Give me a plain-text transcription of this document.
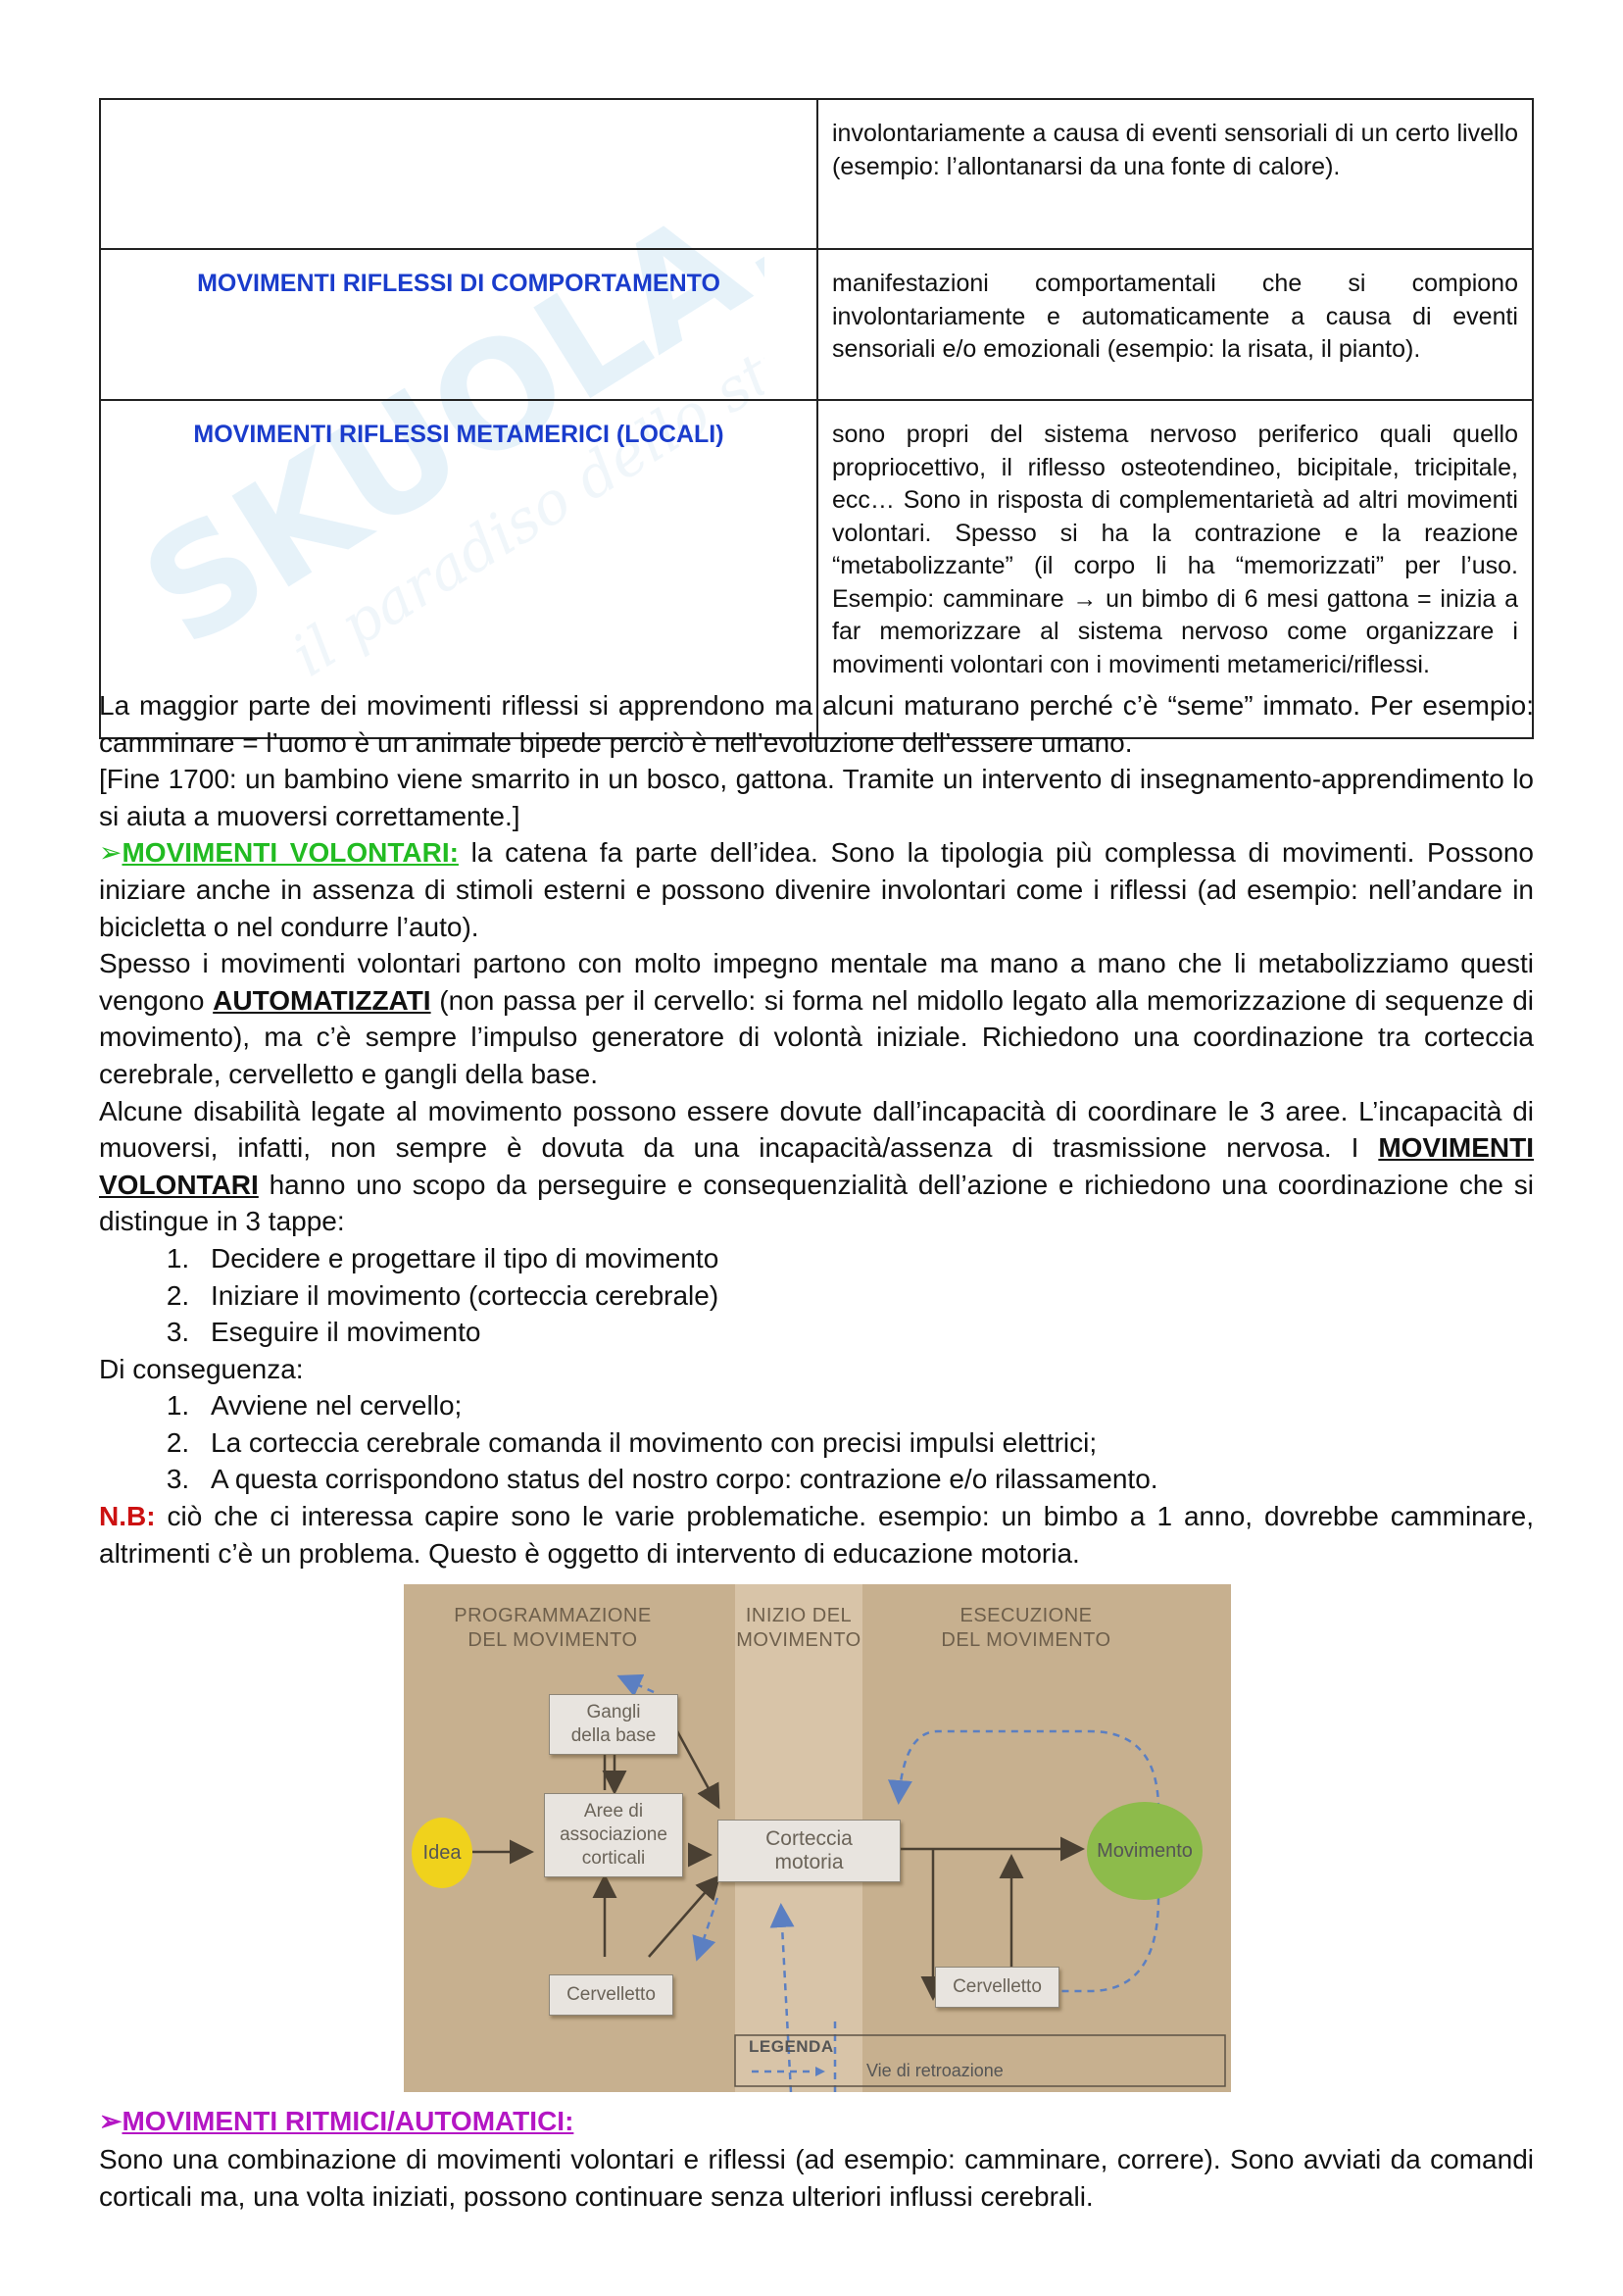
SKUOLA.net
il paradiso dello studente
	involontariamente a causa di eventi sensoriali di un certo livello (esempio: l’allontanarsi da una fonte di calore).
MOVIMENTI RIFLESSI DI COMPORTAMENTO	manifestazioni comportamentali che si compiono involontariamente e automaticamente a causa di eventi sensoriali e/o emozionali (esempio: la risata, il pianto).
MOVIMENTI RIFLESSI METAMERICI (LOCALI)	sono propri del sistema nervoso periferico quali quello propriocettivo, il riflesso osteotendineo, bicipitale, tricipitale, ecc… Sono in risposta di complementarietà ad altri movimenti volontari. Spesso si ha la contrazione e la reazione “metabolizzante” (il corpo li ha “memorizzati” per l’uso. Esempio: camminare → un bimbo di 6 mesi gattona = inizia a far memorizzare al sistema nervoso come organizzare i movimenti volontari con i movimenti metamerici/riflessi.

La maggior parte dei movimenti riflessi si apprendono ma alcuni maturano perché c’è “seme” immato. Per esempio: camminare = l’uomo è un animale bipede perciò è nell’evoluzione dell’essere umano.

[Fine 1700: un bambino viene smarrito in un bosco, gattona. Tramite un intervento di insegnamento-apprendimento lo si aiuta a muoversi correttamente.]

➢MOVIMENTI VOLONTARI: la catena fa parte dell’idea. Sono la tipologia più complessa di movimenti. Possono iniziare anche in assenza di stimoli esterni e possono divenire involontari come i riflessi (ad esempio: nell’andare in bicicletta o nel condurre l’auto).

Spesso i movimenti volontari partono con molto impegno mentale ma mano a mano che li metabolizziamo questi vengono AUTOMATIZZATI (non passa per il cervello: si forma nel midollo legato alla memorizzazione di sequenze di movimento), ma c’è sempre l’impulso generatore di volontà iniziale. Richiedono una coordinazione tra corteccia cerebrale, cervelletto e gangli della base.

Alcune disabilità legate al movimento possono essere dovute dall’incapacità di coordinare le 3 aree. L’incapacità di muoversi, infatti, non sempre è dovuta da una incapacità/assenza di trasmissione nervosa. I MOVIMENTI VOLONTARI hanno uno scopo da perseguire e consequenzialità dell’azione e richiedono una coordinazione che si distingue in 3 tappe:

1. Decidere e progettare il tipo di movimento
2. Iniziare il movimento (corteccia cerebrale)
3. Eseguire il movimento

Di conseguenza:

1. Avviene nel cervello;
2. La corteccia cerebrale comanda il movimento con precisi impulsi elettrici;
3. A questa corrispondono status del nostro corpo: contrazione e/o rilassamento.

N.B: ciò che ci interessa capire sono le varie problematiche. esempio: un bimbo a 1 anno, dovrebbe camminare, altrimenti c’è un problema. Questo è oggetto di intervento di educazione motoria.

PROGRAMMAZIONE
DEL MOVIMENTO
INIZIO DEL
MOVIMENTO
ESECUZIONE
DEL MOVIMENTO
Gangli
della base
Aree di
associazione
corticali
Cervelletto
Corteccia
motoria
Cervelletto
Idea	Movimento
LEGENDA
Vie di retroazione
➢MOVIMENTI RITMICI/AUTOMATICI:
Sono una combinazione di movimenti volontari e riflessi (ad esempio: camminare, correre). Sono avviati da comandi corticali ma, una volta iniziati, possono continuare senza ulteriori influssi cerebrali.
